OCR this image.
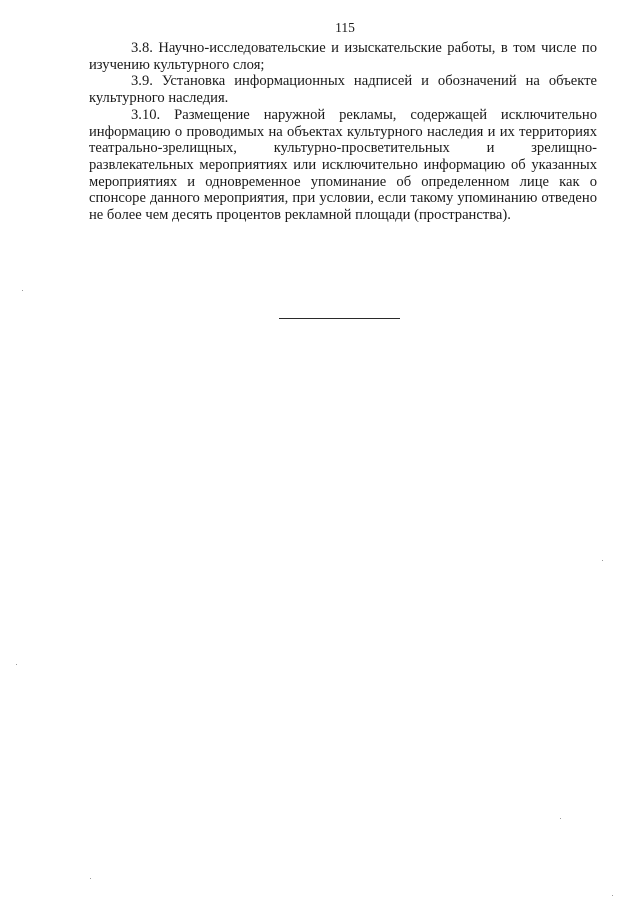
115

3.8. Научно-исследовательские и изыскательские работы, в том числе по изучению культурного слоя;

3.9. Установка информационных надписей и обозначений на объекте культурного наследия.

3.10. Размещение наружной рекламы, содержащей исключительно информацию о проводимых на объектах культурного наследия и их территориях театрально-зрелищных, культурно-просветительных и зрелищно-развлекательных мероприятиях или исключительно информацию об указанных мероприятиях и одновременное упоминание об определенном лице как о спонсоре данного мероприятия, при условии, если такому упоминанию отведено не более чем десять процентов рекламной площади (пространства).
